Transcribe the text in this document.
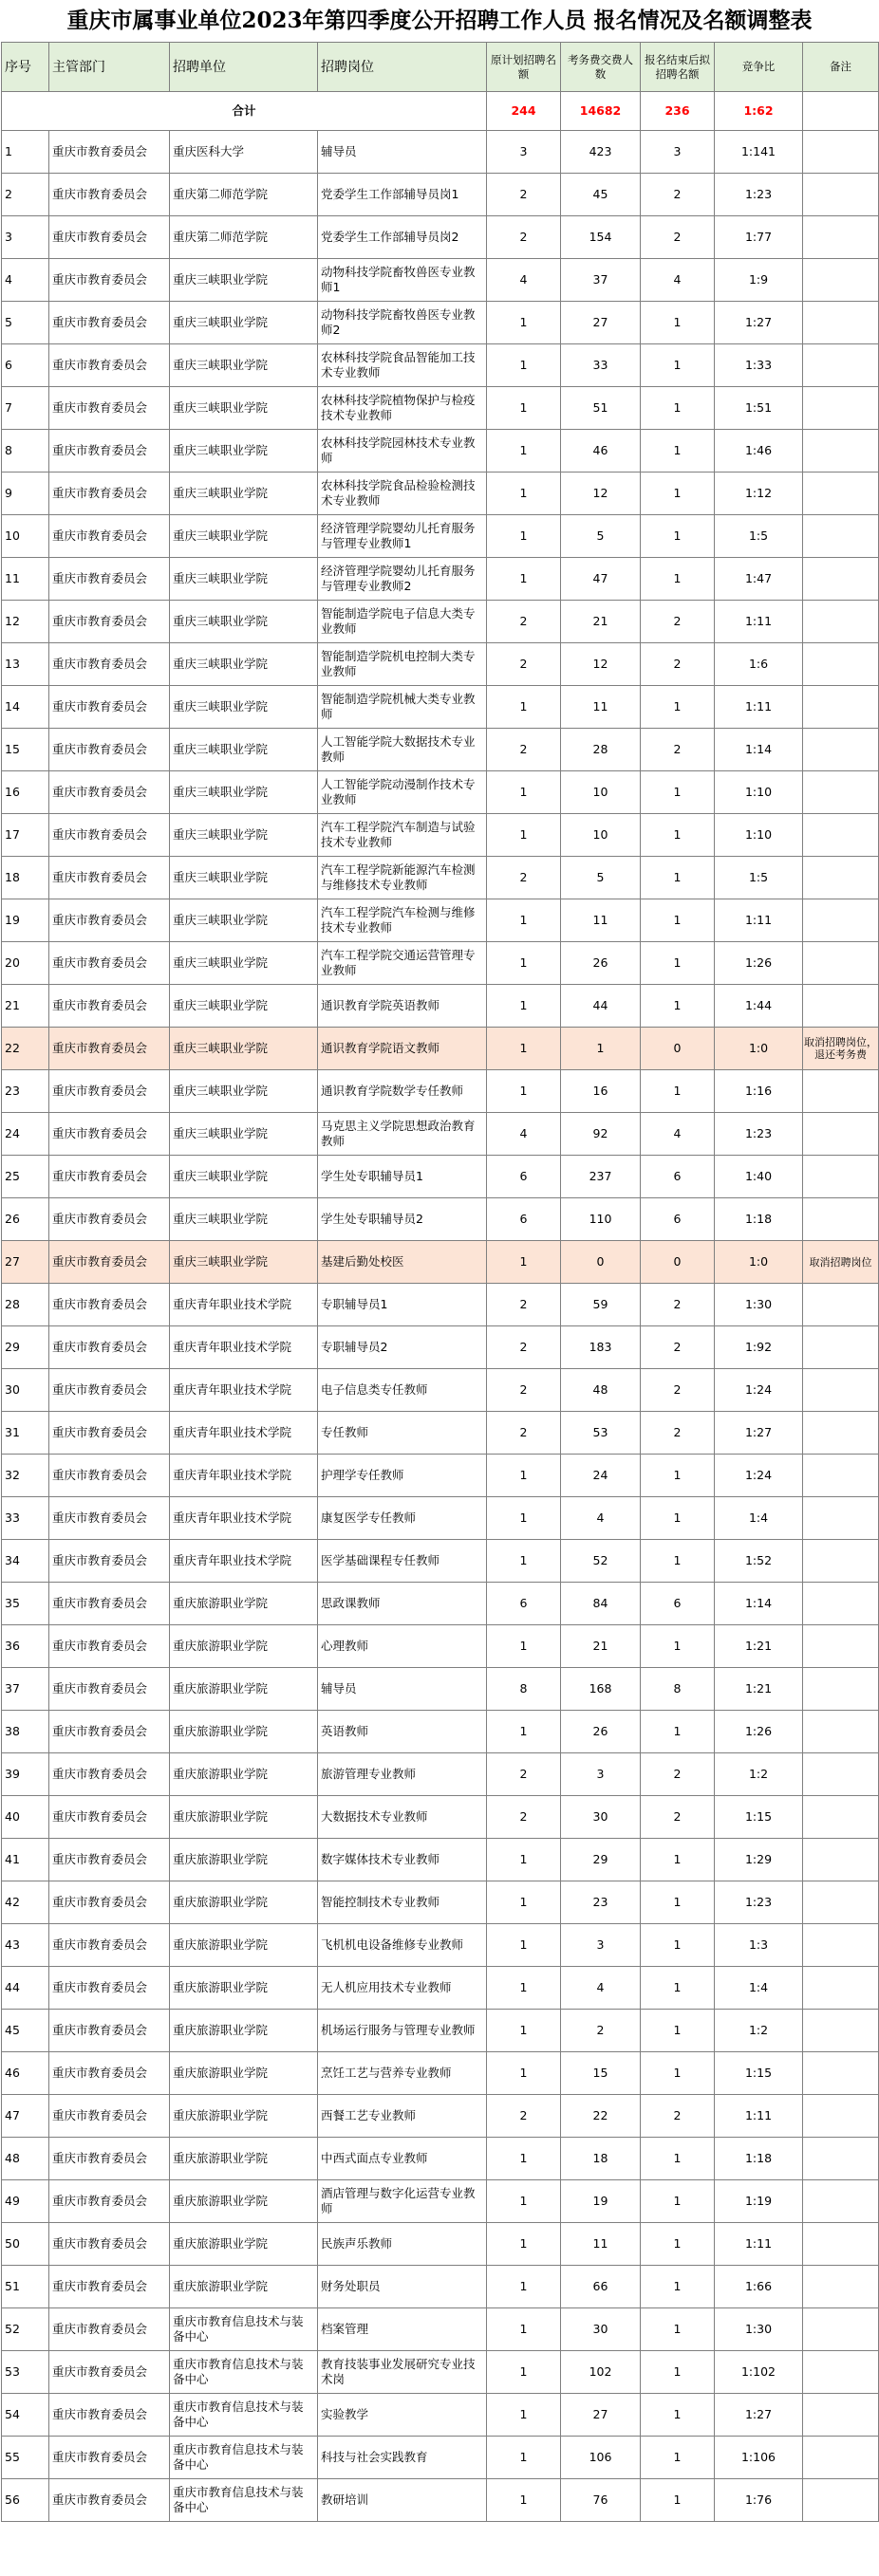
重庆市属事业单位2023年第四季度公开招聘工作人员 报名情况及名额调整表
序号	主管部门	招聘单位	招聘岗位	原计划招聘名额	考务费交费人数	报名结束后拟招聘名额	竞争比	备注
合计				244	14682	236	1:62	
1	重庆市教育委员会	重庆医科大学	辅导员	3	423	3	1:141	
2	重庆市教育委员会	重庆第二师范学院	党委学生工作部辅导员岗1	2	45	2	1:23	
3	重庆市教育委员会	重庆第二师范学院	党委学生工作部辅导员岗2	2	154	2	1:77	
4	重庆市教育委员会	重庆三峡职业学院	动物科技学院畜牧兽医专业教师1	4	37	4	1:9	
5	重庆市教育委员会	重庆三峡职业学院	动物科技学院畜牧兽医专业教师2	1	27	1	1:27	
6	重庆市教育委员会	重庆三峡职业学院	农林科技学院食品智能加工技术专业教师	1	33	1	1:33	
7	重庆市教育委员会	重庆三峡职业学院	农林科技学院植物保护与检疫技术专业教师	1	51	1	1:51	
8	重庆市教育委员会	重庆三峡职业学院	农林科技学院园林技术专业教师	1	46	1	1:46	
9	重庆市教育委员会	重庆三峡职业学院	农林科技学院食品检验检测技术专业教师	1	12	1	1:12	
10	重庆市教育委员会	重庆三峡职业学院	经济管理学院婴幼儿托育服务与管理专业教师1	1	5	1	1:5	
11	重庆市教育委员会	重庆三峡职业学院	经济管理学院婴幼儿托育服务与管理专业教师2	1	47	1	1:47	
12	重庆市教育委员会	重庆三峡职业学院	智能制造学院电子信息大类专业教师	2	21	2	1:11	
13	重庆市教育委员会	重庆三峡职业学院	智能制造学院机电控制大类专业教师	2	12	2	1:6	
14	重庆市教育委员会	重庆三峡职业学院	智能制造学院机械大类专业教师	1	11	1	1:11	
15	重庆市教育委员会	重庆三峡职业学院	人工智能学院大数据技术专业教师	2	28	2	1:14	
16	重庆市教育委员会	重庆三峡职业学院	人工智能学院动漫制作技术专业教师	1	10	1	1:10	
17	重庆市教育委员会	重庆三峡职业学院	汽车工程学院汽车制造与试验技术专业教师	1	10	1	1:10	
18	重庆市教育委员会	重庆三峡职业学院	汽车工程学院新能源汽车检测与维修技术专业教师	2	5	1	1:5	
19	重庆市教育委员会	重庆三峡职业学院	汽车工程学院汽车检测与维修技术专业教师	1	11	1	1:11	
20	重庆市教育委员会	重庆三峡职业学院	汽车工程学院交通运营管理专业教师	1	26	1	1:26	
21	重庆市教育委员会	重庆三峡职业学院	通识教育学院英语教师	1	44	1	1:44	
22	重庆市教育委员会	重庆三峡职业学院	通识教育学院语文教师	1	1	0	1:0	取消招聘岗位，退还考务费
23	重庆市教育委员会	重庆三峡职业学院	通识教育学院数学专任教师	1	16	1	1:16	
24	重庆市教育委员会	重庆三峡职业学院	马克思主义学院思想政治教育教师	4	92	4	1:23	
25	重庆市教育委员会	重庆三峡职业学院	学生处专职辅导员1	6	237	6	1:40	
26	重庆市教育委员会	重庆三峡职业学院	学生处专职辅导员2	6	110	6	1:18	
27	重庆市教育委员会	重庆三峡职业学院	基建后勤处校医	1	0	0	1:0	取消招聘岗位
28	重庆市教育委员会	重庆青年职业技术学院	专职辅导员1	2	59	2	1:30	
29	重庆市教育委员会	重庆青年职业技术学院	专职辅导员2	2	183	2	1:92	
30	重庆市教育委员会	重庆青年职业技术学院	电子信息类专任教师	2	48	2	1:24	
31	重庆市教育委员会	重庆青年职业技术学院	专任教师	2	53	2	1:27	
32	重庆市教育委员会	重庆青年职业技术学院	护理学专任教师	1	24	1	1:24	
33	重庆市教育委员会	重庆青年职业技术学院	康复医学专任教师	1	4	1	1:4	
34	重庆市教育委员会	重庆青年职业技术学院	医学基础课程专任教师	1	52	1	1:52	
35	重庆市教育委员会	重庆旅游职业学院	思政课教师	6	84	6	1:14	
36	重庆市教育委员会	重庆旅游职业学院	心理教师	1	21	1	1:21	
37	重庆市教育委员会	重庆旅游职业学院	辅导员	8	168	8	1:21	
38	重庆市教育委员会	重庆旅游职业学院	英语教师	1	26	1	1:26	
39	重庆市教育委员会	重庆旅游职业学院	旅游管理专业教师	2	3	2	1:2	
40	重庆市教育委员会	重庆旅游职业学院	大数据技术专业教师	2	30	2	1:15	
41	重庆市教育委员会	重庆旅游职业学院	数字媒体技术专业教师	1	29	1	1:29	
42	重庆市教育委员会	重庆旅游职业学院	智能控制技术专业教师	1	23	1	1:23	
43	重庆市教育委员会	重庆旅游职业学院	飞机机电设备维修专业教师	1	3	1	1:3	
44	重庆市教育委员会	重庆旅游职业学院	无人机应用技术专业教师	1	4	1	1:4	
45	重庆市教育委员会	重庆旅游职业学院	机场运行服务与管理专业教师	1	2	1	1:2	
46	重庆市教育委员会	重庆旅游职业学院	烹饪工艺与营养专业教师	1	15	1	1:15	
47	重庆市教育委员会	重庆旅游职业学院	西餐工艺专业教师	2	22	2	1:11	
48	重庆市教育委员会	重庆旅游职业学院	中西式面点专业教师	1	18	1	1:18	
49	重庆市教育委员会	重庆旅游职业学院	酒店管理与数字化运营专业教师	1	19	1	1:19	
50	重庆市教育委员会	重庆旅游职业学院	民族声乐教师	1	11	1	1:11	
51	重庆市教育委员会	重庆旅游职业学院	财务处职员	1	66	1	1:66	
52	重庆市教育委员会	重庆市教育信息技术与装备中心	档案管理	1	30	1	1:30	
53	重庆市教育委员会	重庆市教育信息技术与装备中心	教育技装事业发展研究专业技术岗	1	102	1	1:102	
54	重庆市教育委员会	重庆市教育信息技术与装备中心	实验教学	1	27	1	1:27	
55	重庆市教育委员会	重庆市教育信息技术与装备中心	科技与社会实践教育	1	106	1	1:106	
56	重庆市教育委员会	重庆市教育信息技术与装备中心	教研培训	1	76	1	1:76	
